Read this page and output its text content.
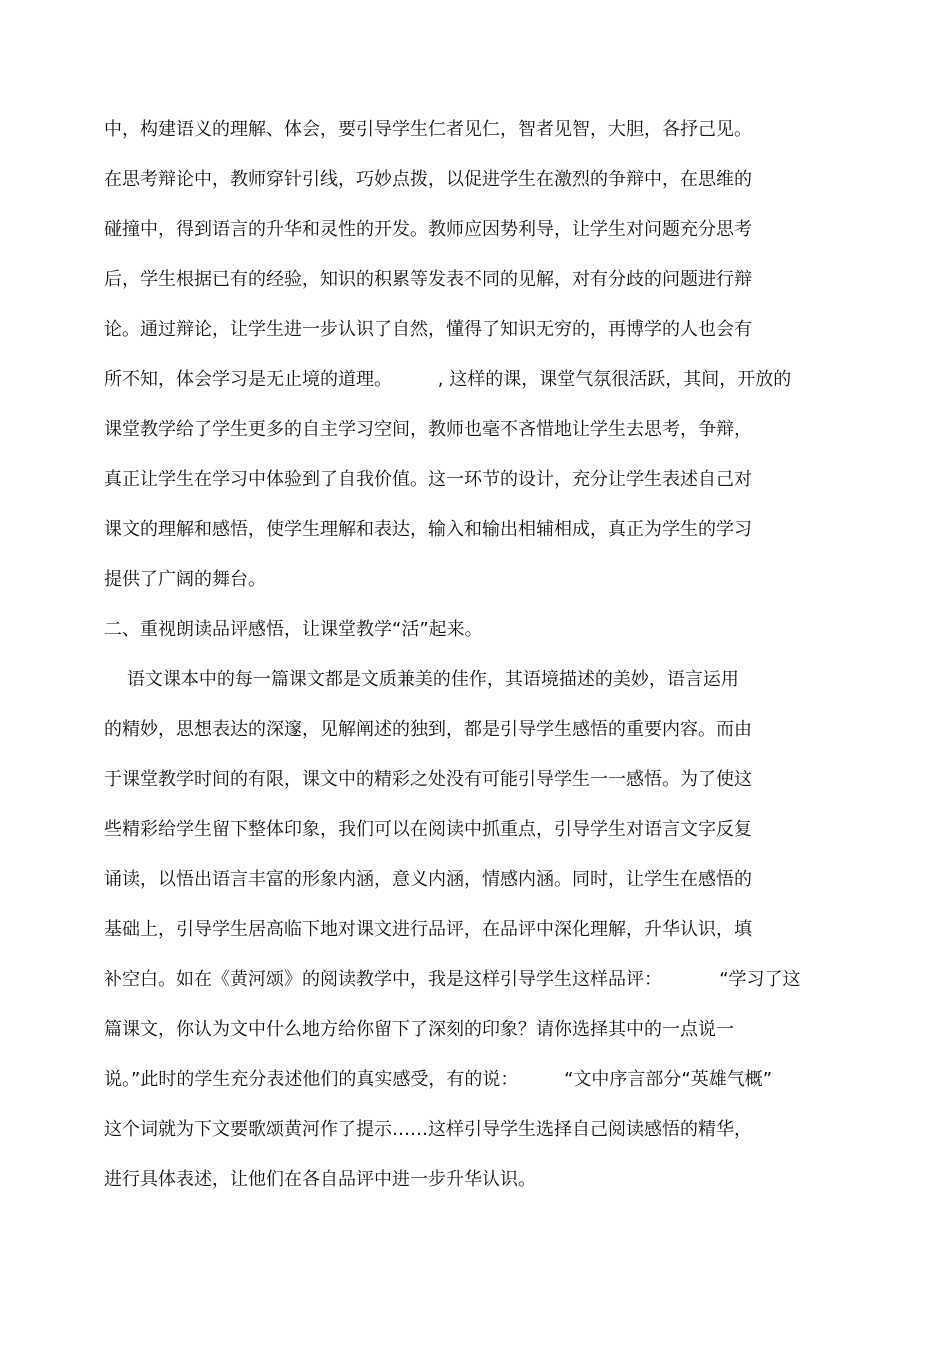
中，构建语义的理解、体会，要引导学生仁者见仁，智者见智，大胆，各抒己见。
在思考辩论中，教师穿针引线，巧妙点拨，以促进学生在激烈的争辩中，在思维的
碰撞中，得到语言的升华和灵性的开发。教师应因势利导，让学生对问题充分思考
后，学生根据已有的经验，知识的积累等发表不同的见解，对有分歧的问题进行辩
论。通过辩论，让学生进一步认识了自然，懂得了知识无穷的，再博学的人也会有
所不知，体会学习是无止境的道理。        , 这样的课，课堂气氛很活跃，其间，开放的
课堂教学给了学生更多的自主学习空间，教师也毫不吝惜地让学生去思考，争辩，
真正让学生在学习中体验到了自我价值。这一环节的设计，充分让学生表述自己对
课文的理解和感悟，使学生理解和表达，输入和输出相辅相成，真正为学生的学习
提供了广阔的舞台。
二、重视朗读品评感悟，让课堂教学“活”起来。
语文课本中的每一篇课文都是文质兼美的佳作，其语境描述的美妙，语言运用
的精妙，思想表达的深邃，见解阐述的独到，都是引导学生感悟的重要内容。而由
于课堂教学时间的有限，课文中的精彩之处没有可能引导学生一一感悟。为了使这
些精彩给学生留下整体印象，我们可以在阅读中抓重点，引导学生对语言文字反复
诵读，以悟出语言丰富的形象内涵，意义内涵，情感内涵。同时，让学生在感悟的
基础上，引导学生居高临下地对课文进行品评，在品评中深化理解，升华认识，填
补空白。如在《黄河颂》的阅读教学中，我是这样引导学生这样品评：          “学习了这
篇课文，你认为文中什么地方给你留下了深刻的印象？请你选择其中的一点说一
说。”此时的学生充分表述他们的真实感受，有的说：        “文中序言部分“英雄气概”
这个词就为下文要歌颂黄河作了提示……这样引导学生选择自己阅读感悟的精华，
进行具体表述，让他们在各自品评中进一步升华认识。
